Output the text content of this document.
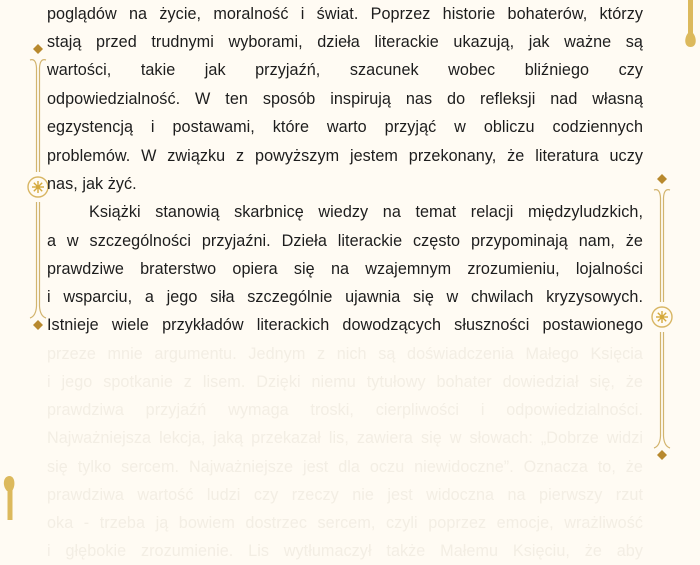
poglądów na życie, moralność i świat. Poprzez historie bohaterów, którzy
stają przed trudnymi wyborami, dzieła literackie ukazują, jak ważne są
wartości, takie jak przyjaźń, szacunek wobec bliźniego czy
odpowiedzialność. W ten sposób inspirują nas do refleksji nad własną
egzystencją i postawami, które warto przyjąć w obliczu codziennych
problemów. W związku z powyższym jestem przekonany, że literatura uczy
nas, jak żyć.
Książki stanowią skarbnicę wiedzy na temat relacji międzyludzkich,
a w szczególności przyjaźni. Dzieła literackie często przypominają nam, że
prawdziwe braterstwo opiera się na wzajemnym zrozumieniu, lojalności
i wsparciu, a jego siła szczególnie ujawnia się w chwilach kryzysowych.
Istnieje wiele przykładów literackich dowodzących słuszności postawionego
przeze mnie argumentu. Jednym z nich są doświadczenia Małego Księcia
i jego spotkanie z lisem. Dzięki niemu tytułowy bohater dowiedział się, że
prawdziwa przyjaźń wymaga troski, cierpliwości i odpowiedzialności.
Najważniejsza lekcja, jaką przekazał lis, zawiera się w słowach: „Dobrze widzi
się tylko sercem. Najważniejsze jest dla oczu niewidoczne”. Oznacza to, że
prawdziwa wartość ludzi czy rzeczy nie jest widoczna na pierwszy rzut
oka - trzeba ją bowiem dostrzec sercem, czyli poprzez emocje, wrażliwość
i głębokie zrozumienie. Lis wytłumaczył także Małemu Księciu, że aby
